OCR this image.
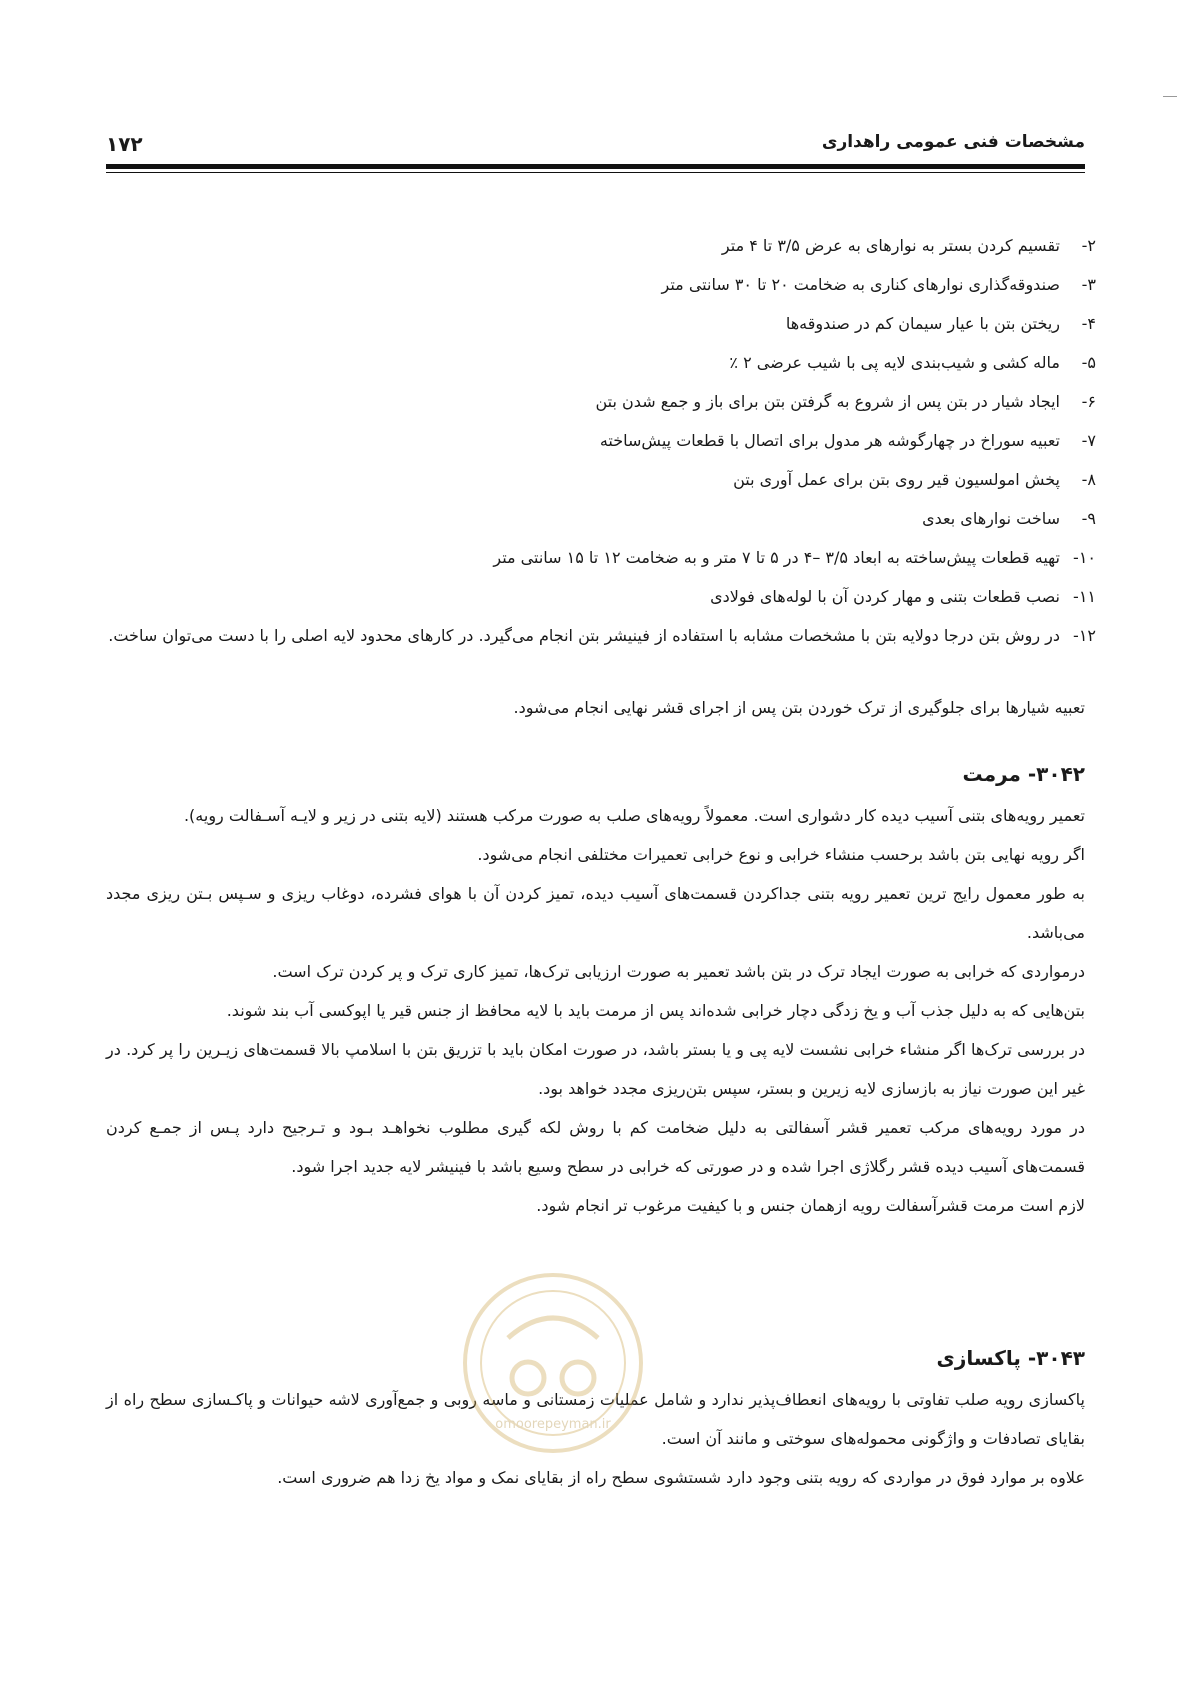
مشخصات فنی عمومی راهداری
۱۷۲
۲-
تقسیم کردن بستر به نوارهای به عرض ۳/۵ تا ۴ متر
۳-
صندوقه‌گذاری نوارهای کناری به ضخامت ۲۰ تا ۳۰ سانتی متر
۴-
ریختن بتن با عیار سیمان کم در صندوقه‌ها
۵-
ماله کشی و شیب‌بندی لایه پی با شیب عرضی ۲ ٪
۶-
ایجاد شیار در بتن پس از شروع به گرفتن بتن برای باز و جمع شدن بتن
۷-
تعبیه سوراخ در چهارگوشه هر مدول برای اتصال با قطعات پیش‌ساخته
۸-
پخش امولسیون قیر روی بتن برای عمل آوری بتن
۹-
ساخت نوارهای بعدی
۱۰-
تهیه قطعات پیش‌ساخته به ابعاد ۳/۵ –۴ در ۵ تا ۷ متر و به ضخامت ۱۲ تا ۱۵ سانتی متر
۱۱-
نصب قطعات بتنی و مهار کردن آن با لوله‌های فولادی
۱۲-
در روش بتن درجا دولایه بتن با مشخصات مشابه با استفاده از فینیشر بتن انجام می‌گیرد. در کارهای محدود لایه اصلی را با دست می‌توان ساخت.
تعبیه شیارها برای جلوگیری از ترک خوردن بتن پس از اجرای قشر نهایی انجام می‌شود.
۳۰۴۲- مرمت

تعمیر رویه‌های بتنی آسیب دیده کار دشواری است. معمولاً رویه‌های صلب به صورت مرکب هستند (لایه بتنی در زیر و لایـه آسـفالت رویه).

اگر رویه نهایی بتن باشد برحسب منشاء خرابی و نوع خرابی تعمیرات مختلفی انجام می‌شود.

به طور معمول رایج ترین تعمیر رویه بتنی جداکردن قسمت‌های آسیب دیده، تمیز کردن آن با هوای فشرده، دوغاب ریزی و سـپس بـتن ریزی مجدد می‌باشد.

درمواردی که خرابی به صورت ایجاد ترک در بتن باشد تعمیر به صورت ارزیابی ترک‌ها، تمیز کاری ترک و پر کردن ترک است.

بتن‌هایی که به دلیل جذب آب و یخ زدگی دچار خرابی شده‌اند پس از مرمت باید با لایه محافظ از جنس قیر یا اپوکسی آب بند شوند.

در بررسی ترک‌ها اگر منشاء خرابی نشست لایه پی و یا بستر باشد، در صورت امکان باید با تزریق بتن با اسلامپ بالا قسمت‌های زیـرین را پر کرد. در غیر این صورت نیاز به بازسازی لایه زیرین و بستر، سپس بتن‌ریزی مجدد خواهد بود.

در مورد رویه‌های مرکب تعمیر قشر آسفالتی به دلیل ضخامت کم با روش لکه گیری مطلوب نخواهـد بـود و تـرجیح دارد پـس از جمـع کردن قسمت‌های آسیب دیده قشر رگلاژی اجرا شده و در صورتی که خرابی در سطح وسیع باشد با فینیشر لایه جدید اجرا شود.

لازم است مرمت قشرآسفالت رویه ازهمان جنس و با کیفیت مرغوب تر انجام شود.

۳۰۴۳- پاکسازی

پاکسازی رویه صلب تفاوتی با رویه‌های انعطاف‌پذیر ندارد و شامل عملیات زمستانی و ماسه روبی و جمع‌آوری لاشه حیوانات و پاکـسازی سطح راه از بقایای تصادفات و واژگونی محموله‌های سوختی و مانند آن است.

علاوه بر موارد فوق در مواردی که رویه بتنی وجود دارد شستشوی سطح راه از بقایای نمک و مواد یخ زدا هم ضروری است.

omoorepeyman.ir
